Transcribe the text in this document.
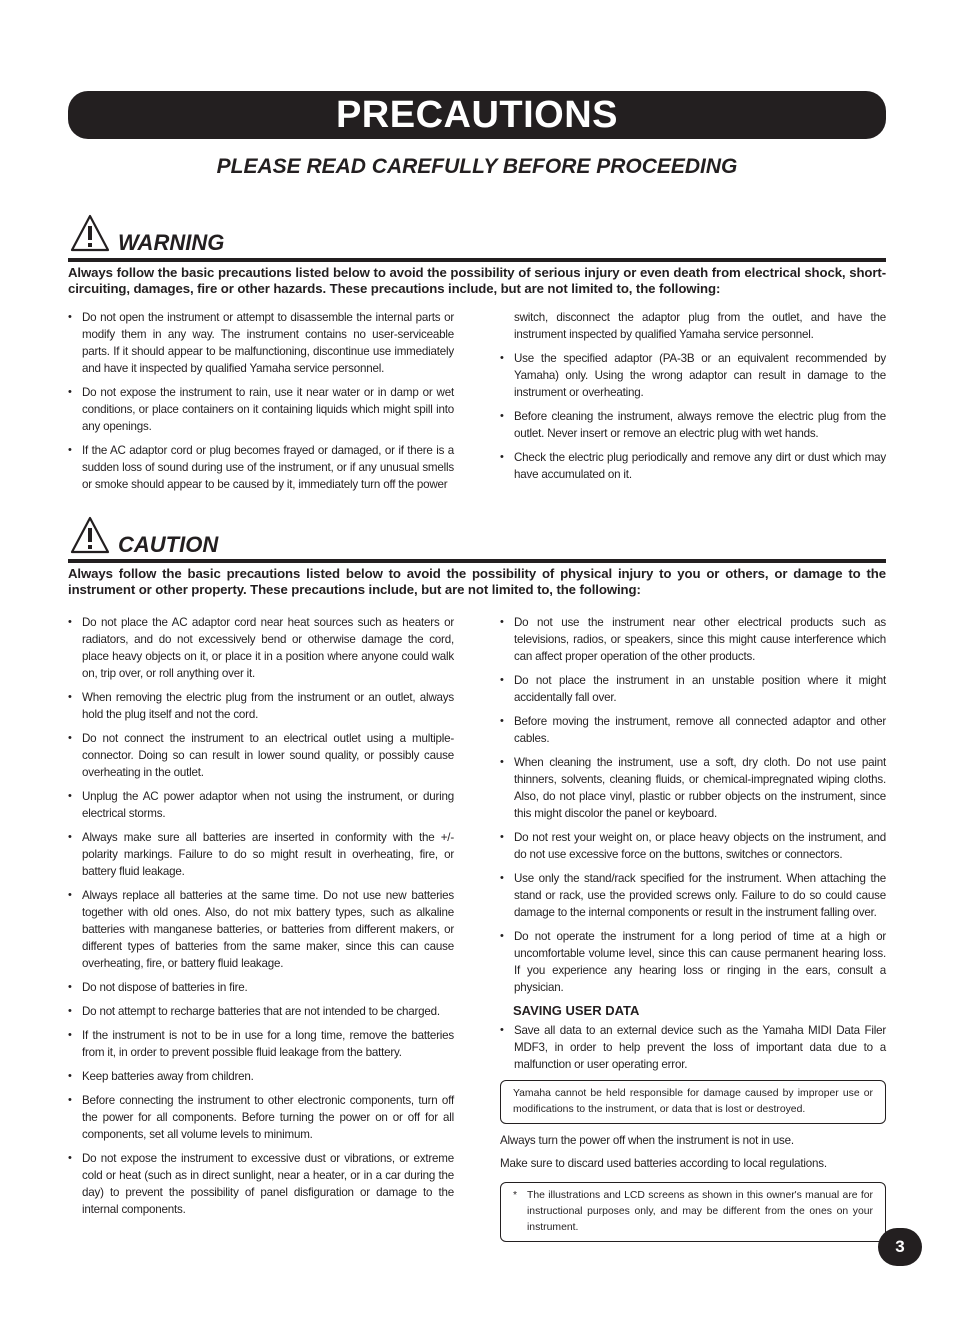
PRECAUTIONS

PLEASE READ CAREFULLY BEFORE PROCEEDING

WARNING

Always follow the basic precautions listed below to avoid the possibility of serious injury or even death from electrical shock, short-circuiting, damages, fire or other hazards. These precautions include, but are not limited to, the following:

• Do not open the instrument or attempt to disassemble the internal parts or modify them in any way. The instrument contains no user-serviceable parts. If it should appear to be malfunctioning, discontinue use immediately and have it inspected by qualified Yamaha service personnel.
• Do not expose the instrument to rain, use it near water or in damp or wet conditions, or place containers on it containing liquids which might spill into any openings.
• If the AC adaptor cord or plug becomes frayed or damaged, or if there is a sudden loss of sound during use of the instrument, or if any unusual smells or smoke should appear to be caused by it, immediately turn off the power

switch, disconnect the adaptor plug from the outlet, and have the instrument inspected by qualified Yamaha service personnel.

• Use the specified adaptor (PA-3B or an equivalent recommended by Yamaha) only. Using the wrong adaptor can result in damage to the instrument or overheating.
• Before cleaning the instrument, always remove the electric plug from the outlet. Never insert or remove an electric plug with wet hands.
• Check the electric plug periodically and remove any dirt or dust which may have accumulated on it.

CAUTION

Always follow the basic precautions listed below to avoid the possibility of physical injury to you or others, or damage to the instrument or other property. These precautions include, but are not limited to, the following:

• Do not place the AC adaptor cord near heat sources such as heaters or radiators, and do not excessively bend or otherwise damage the cord, place heavy objects on it, or place it in a position where anyone could walk on, trip over, or roll anything over it.
• When removing the electric plug from the instrument or an outlet, always hold the plug itself and not the cord.
• Do not connect the instrument to an electrical outlet using a multiple-connector. Doing so can result in lower sound quality, or possibly cause overheating in the outlet.
• Unplug the AC power adaptor when not using the instrument, or during electrical storms.
• Always make sure all batteries are inserted in conformity with the +/- polarity markings. Failure to do so might result in overheating, fire, or battery fluid leakage.
• Always replace all batteries at the same time. Do not use new batteries together with old ones. Also, do not mix battery types, such as alkaline batteries with manganese batteries, or batteries from different makers, or different types of batteries from the same maker, since this can cause overheating, fire, or battery fluid leakage.
• Do not dispose of batteries in fire.
• Do not attempt to recharge batteries that are not intended to be charged.
• If the instrument is not to be in use for a long time, remove the batteries from it, in order to prevent possible fluid leakage from the battery.
• Keep batteries away from children.
• Before connecting the instrument to other electronic components, turn off the power for all components. Before turning the power on or off for all components, set all volume levels to minimum.
• Do not expose the instrument to excessive dust or vibrations, or extreme cold or heat (such as in direct sunlight, near a heater, or in a car during the day) to prevent the possibility of panel disfiguration or damage to the internal components.
• Do not use the instrument near other electrical products such as televisions, radios, or speakers, since this might cause interference which can affect proper operation of the other products.
• Do not place the instrument in an unstable position where it might accidentally fall over.
• Before moving the instrument, remove all connected adaptor and other cables.
• When cleaning the instrument, use a soft, dry cloth. Do not use paint thinners, solvents, cleaning fluids, or chemical-impregnated wiping cloths. Also, do not place vinyl, plastic or rubber objects on the instrument, since this might discolor the panel or keyboard.
• Do not rest your weight on, or place heavy objects on the instrument, and do not use excessive force on the buttons, switches or connectors.
• Use only the stand/rack specified for the instrument. When attaching the stand or rack, use the provided screws only. Failure to do so could cause damage to the internal components or result in the instrument falling over.
• Do not operate the instrument for a long period of time at a high or uncomfortable volume level, since this can cause permanent hearing loss. If you experience any hearing loss or ringing in the ears, consult a physician.

SAVING USER DATA

• Save all data to an external device such as the Yamaha MIDI Data Filer MDF3, in order to help prevent the loss of important data due to a malfunction or user operating error.
Yamaha cannot be held responsible for damage caused by improper use or modifications to the instrument, or data that is lost or destroyed.

Always turn the power off when the instrument is not in use.

Make sure to discard used batteries according to local regulations.

* The illustrations and LCD screens as shown in this owner's manual are for instructional purposes only, and may be different from the ones on your instrument.
3
